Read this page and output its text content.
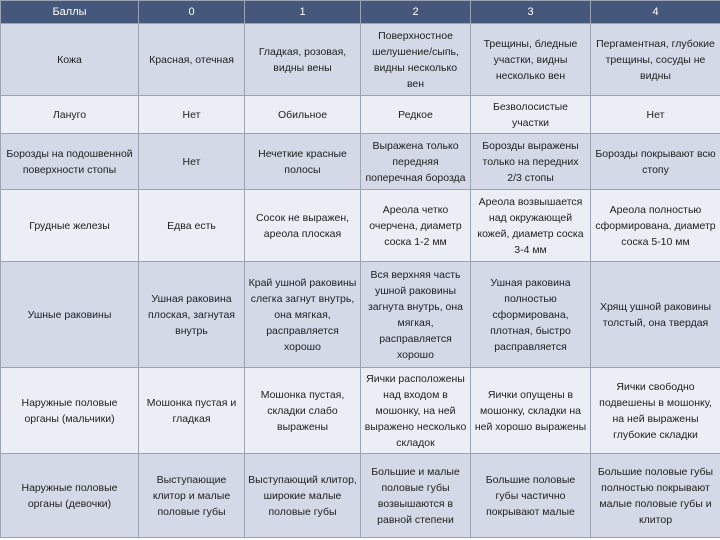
Баллы	0	1	2	3	4
Кожа	Красная, отечная	Гладкая, розовая, видны вены	Поверхностное шелушение/сыпь, видны несколько вен	Трещины, бледные участки, видны несколько вен	Пергаментная, глубокие трещины, сосуды не видны
Лануго	Нет	Обильное	Редкое	Безволосистые участки	Нет
Борозды на подошвенной поверхности стопы	Нет	Нечеткие красные полосы	Выражена только передняя поперечная борозда	Борозды выражены только на передних 2/3 стопы	Борозды покрывают всю стопу
Грудные железы	Едва есть	Сосок не выражен, ареола плоская	Ареола четко очерчена, диаметр соска 1-2 мм	Ареола возвышается над окружающей кожей, диаметр соска 3-4 мм	Ареола полностью сформирована, диаметр соска 5-10 мм
Ушные раковины	Ушная раковина плоская, загнутая внутрь	Край ушной раковины слегка загнут внутрь, она мягкая, расправляется хорошо	Вся верхняя часть ушной раковины загнута внутрь, она мягкая, расправляется хорошо	Ушная раковина полностью сформирована, плотная, быстро расправляется	Хрящ ушной раковины толстый, она твердая
Наружные половые органы (мальчики)	Мошонка пустая и гладкая	Мошонка пустая, складки слабо выражены	Яички расположены над входом в мошонку, на ней выражено несколько складок	Яички опущены в мошонку, складки на ней хорошо выражены	Яички свободно подвешены в мошонку, на ней выражены глубокие складки
Наружные половые органы (девочки)	Выступающие клитор и малые половые губы	Выступающий клитор, широкие малые половые губы	Большие и малые половые губы возвышаются в равной степени	Большие половые губы частично покрывают малые	Большие половые губы полностью покрывают малые половые губы и клитор
